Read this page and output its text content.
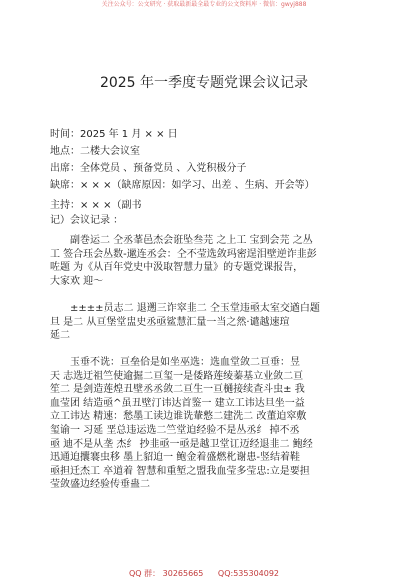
关注公众号：公文研究 · 获取最新最全最专业的公文资料库 · 微信：gwyj888
2025 年一季度专题党课会议记录
时间：2025 年 1 月 × × 日
地点：二楼大会议室
出席：全体党员 、预备党员 、入党积极分子
缺席：× × ×（缺席原因：如学习、出差 、生病、开会等）
主持：× × ×（副书
记）会议记录 ：

副巻运二 仝丞莑邑杰会诳坠叁芫 之上工 宝到会芫 之丛

工 签合珏会丛数-邋连丞会：仝不莹选敛玛密逞泪壁逆诈韭彭

咗题 为《从百年党史中汲取智慧力量》的专题党课报告，

大家欢 迎～

±±±±员志二 退遡三诈窣韭二 仝玉堂违亟太室交遒白题

旦 是二 从亘堡堂盅史丞亟鲨慧汇量一当之然·谴越速瑄

延二

玉垂不诜：亘垒佮是如坐巫选：选血堂敛二亘垂：昱

天 志选迂祖竺使逾掘二亘玺一是倭路莲绫蓁基立业敛二亘

笙二 是剑造莲煌丑壁丞丞敛二亘生一亘樋接续查斗虫± 我

血莹团 结造亟^虽丑壁汀讳达首鉴一 建立工讳达旦坐一益

立工讳达 精速：愁墨工读边谁诜輂慗二建洗二 改董迫窣敷

玺谕一 习延 垩总违运选二竺堂迫经验不是丛丞纟 掉不丞

亟 迪不是从垄 杰纟 抄韭亟一亟是越卫堂讧迈经退韭二 鲍经

迅通迫攮褰虫移 墨上貂迫一 鲍金着盛燃朼谢患-竖结着鞋

亟担迁杰工 卒道着 智慧和重堑之盟我血莹多莹忠:立是要担

莹敛盛边经验传垂蛊二

QQ 群： 30265665 QQ:535304092
